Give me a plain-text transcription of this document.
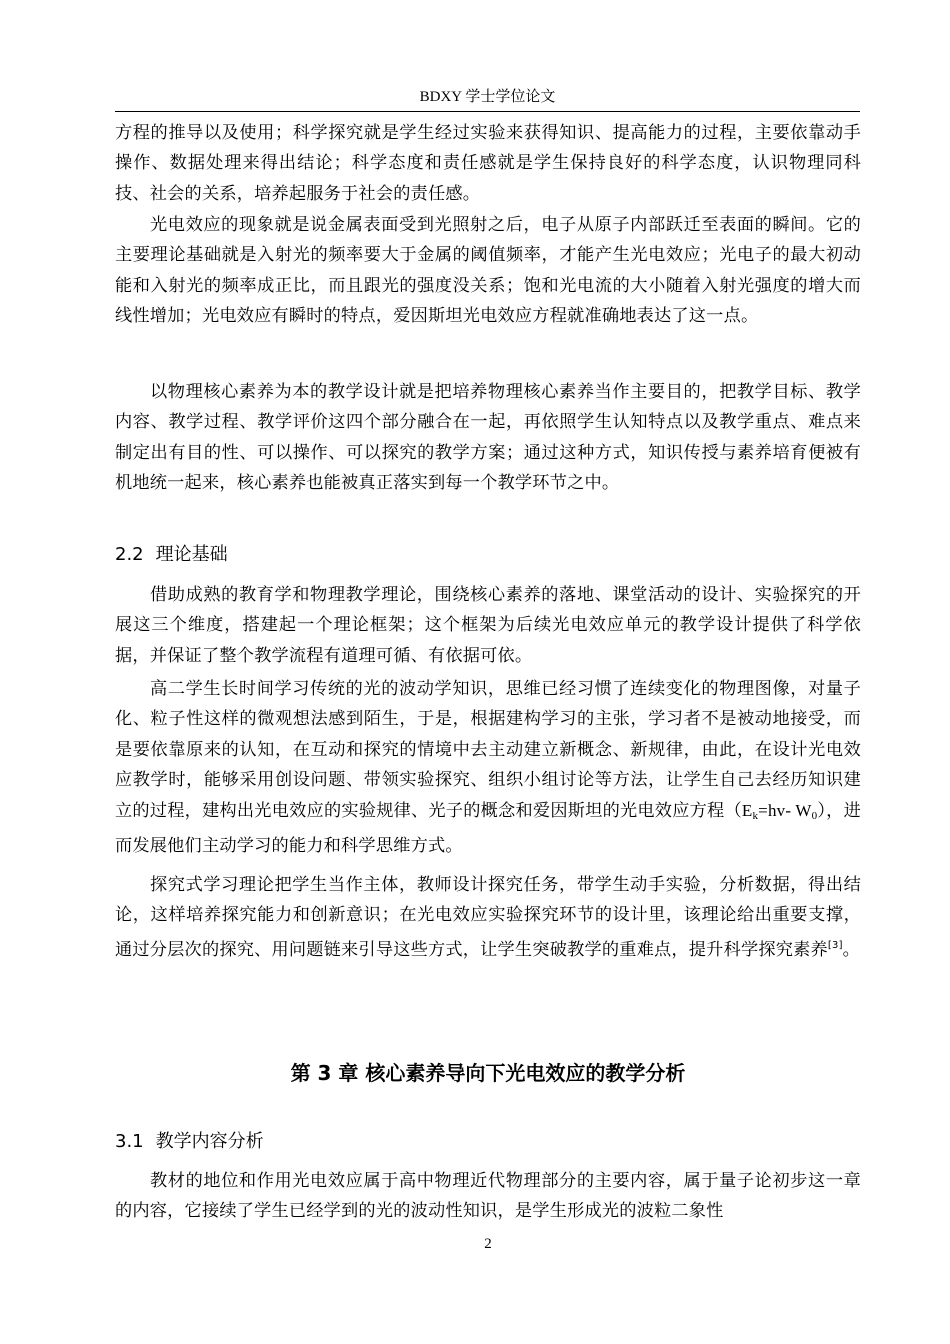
BDXY 学士学位论文

方程的推导以及使用；科学探究就是学生经过实验来获得知识、提高能力的过程，主要依靠动手操作、数据处理来得出结论；科学态度和责任感就是学生保持良好的科学态度，认识物理同科技、社会的关系，培养起服务于社会的责任感。

光电效应的现象就是说金属表面受到光照射之后，电子从原子内部跃迁至表面的瞬间。它的主要理论基础就是入射光的频率要大于金属的阈值频率，才能产生光电效应；光电子的最大初动能和入射光的频率成正比，而且跟光的强度没关系；饱和光电流的大小随着入射光强度的增大而线性增加；光电效应有瞬时的特点，爱因斯坦光电效应方程就准确地表达了这一点。

以物理核心素养为本的教学设计就是把培养物理核心素养当作主要目的，把教学目标、教学内容、教学过程、教学评价这四个部分融合在一起，再依照学生认知特点以及教学重点、难点来制定出有目的性、可以操作、可以探究的教学方案；通过这种方式，知识传授与素养培育便被有机地统一起来，核心素养也能被真正落实到每一个教学环节之中。

2.2 理论基础

借助成熟的教育学和物理教学理论，围绕核心素养的落地、课堂活动的设计、实验探究的开展这三个维度，搭建起一个理论框架；这个框架为后续光电效应单元的教学设计提供了科学依据，并保证了整个教学流程有道理可循、有依据可依。

高二学生长时间学习传统的光的波动学知识，思维已经习惯了连续变化的物理图像，对量子化、粒子性这样的微观想法感到陌生，于是，根据建构学习的主张，学习者不是被动地接受，而是要依靠原来的认知，在互动和探究的情境中去主动建立新概念、新规律，由此，在设计光电效应教学时，能够采用创设问题、带领实验探究、组织小组讨论等方法，让学生自己去经历知识建立的过程，建构出光电效应的实验规律、光子的概念和爱因斯坦的光电效应方程（$E_k=hv-$ $W_0$），进而发展他们主动学习的能力和科学思维方式。

探究式学习理论把学生当作主体，教师设计探究任务，带学生动手实验，分析数据，得出结论，这样培养探究能力和创新意识；在光电效应实验探究环节的设计里，该理论给出重要支撑，通过分层次的探究、用问题链来引导这些方式，让学生突破教学的重难点，提升科学探究素养[3]。

第 3 章 核心素养导向下光电效应的教学分析
3.1 教学内容分析

教材的地位和作用光电效应属于高中物理近代物理部分的主要内容，属于量子论初步这一章的内容，它接续了学生已经学到的光的波动性知识，是学生形成光的波粒二象性

2
